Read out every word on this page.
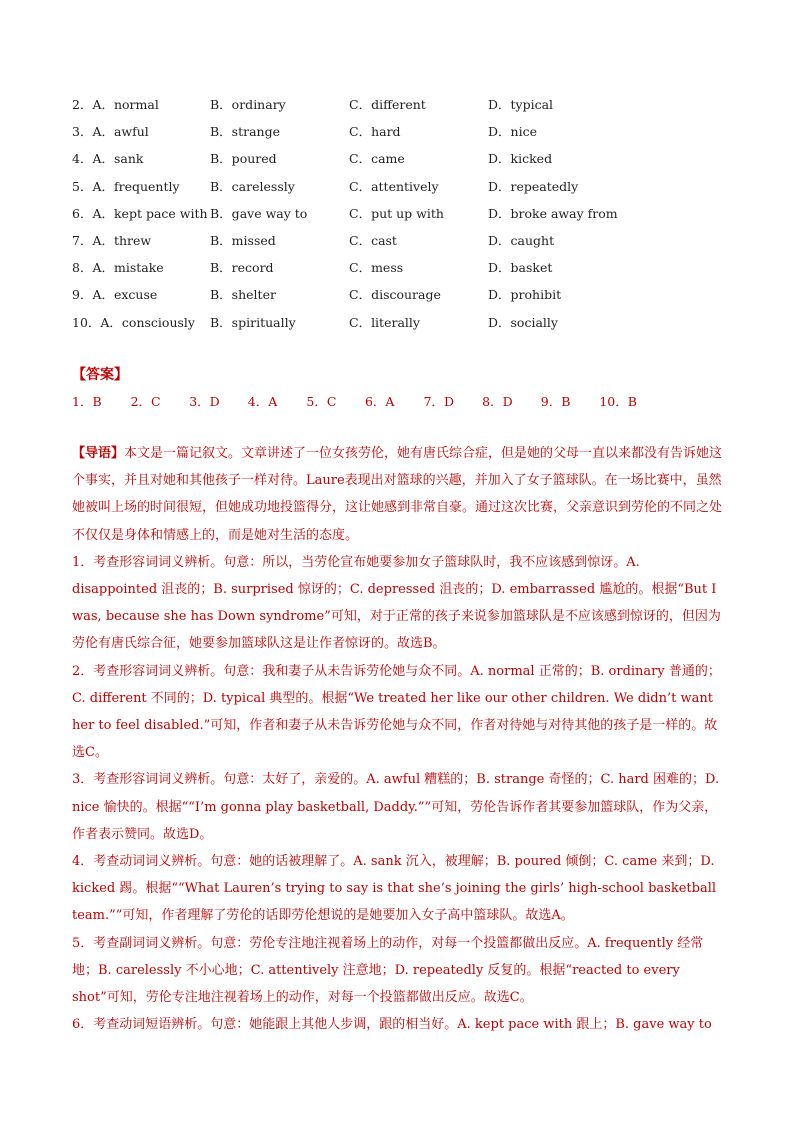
2．A．normal	B．ordinary	C．different	D．typical
3．A．awful	B．strange	C．hard	D．nice
4．A．sank	B．poured	C．came	D．kicked
5．A．frequently B．carelessly	C．attentively	D．repeatedly
6．A．kept pace with B．gave way to	C．put up with	D．broke away from
7．A．threw	B．missed	C．cast	D．caught
8．A．mistake	B．record	C．mess	D．basket
9．A．excuse	B．shelter	C．discourage	D．prohibit
10．A．consciously B．spiritually	C．literally	D．socially
【答案】
1．B 2．C 3．D 4．A 5．C 6．A 7．D 8．D 9．B 10．B

【导语】本文是一篇记叙文。文章讲述了一位女孩劳伦，她有唐氏综合症，但是她的父母一直以来都没有告诉她这个事实，并且对她和其他孩子一样对待。Laure表现出对篮球的兴趣，并加入了女子篮球队。在一场比赛中，虽然她被叫上场的时间很短，但她成功地投篮得分，这让她感到非常自豪。通过这次比赛，父亲意识到劳伦的不同之处不仅仅是身体和情感上的，而是她对生活的态度。

1．考查形容词词义辨析。句意：所以，当劳伦宣布她要参加女子篮球队时，我不应该感到惊讶。A. disappointed 沮丧的；B. surprised 惊讶的；C. depressed 沮丧的；D. embarrassed 尴尬的。根据“But I was, because she has Down syndrome”可知，对于正常的孩子来说参加篮球队是不应该感到惊讶的，但因为劳伦有唐氏综合征，她要参加篮球队这是让作者惊讶的。故选B。

2．考查形容词词义辨析。句意：我和妻子从未告诉劳伦她与众不同。A. normal 正常的；B. ordinary 普通的；C. different 不同的；D. typical 典型的。根据“We treated her like our other children. We didn’t want her to feel disabled.”可知，作者和妻子从未告诉劳伦她与众不同，作者对待她与对待其他的孩子是一样的。故选C。

3．考查形容词词义辨析。句意：太好了，亲爱的。A. awful 糟糕的；B. strange 奇怪的；C. hard 困难的；D. nice 愉快的。根据““I’m gonna play basketball, Daddy.””可知，劳伦告诉作者其要参加篮球队，作为父亲，作者表示赞同。故选D。

4．考查动词词义辨析。句意：她的话被理解了。A. sank 沉入，被理解；B. poured 倾倒；C. came 来到；D. kicked 踢。根据““What Lauren’s trying to say is that she’s joining the girls’ high-school basketball team.””可知，作者理解了劳伦的话即劳伦想说的是她要加入女子高中篮球队。故选A。

5．考查副词词义辨析。句意：劳伦专注地注视着场上的动作，对每一个投篮都做出反应。A. frequently 经常地；B. carelessly 不小心地；C. attentively 注意地；D. repeatedly 反复的。根据“reacted to every shot”可知，劳伦专注地注视着场上的动作，对每一个投篮都做出反应。故选C。

6．考查动词短语辨析。句意：她能跟上其他人步调，跟的相当好。A. kept pace with 跟上；B. gave way to
